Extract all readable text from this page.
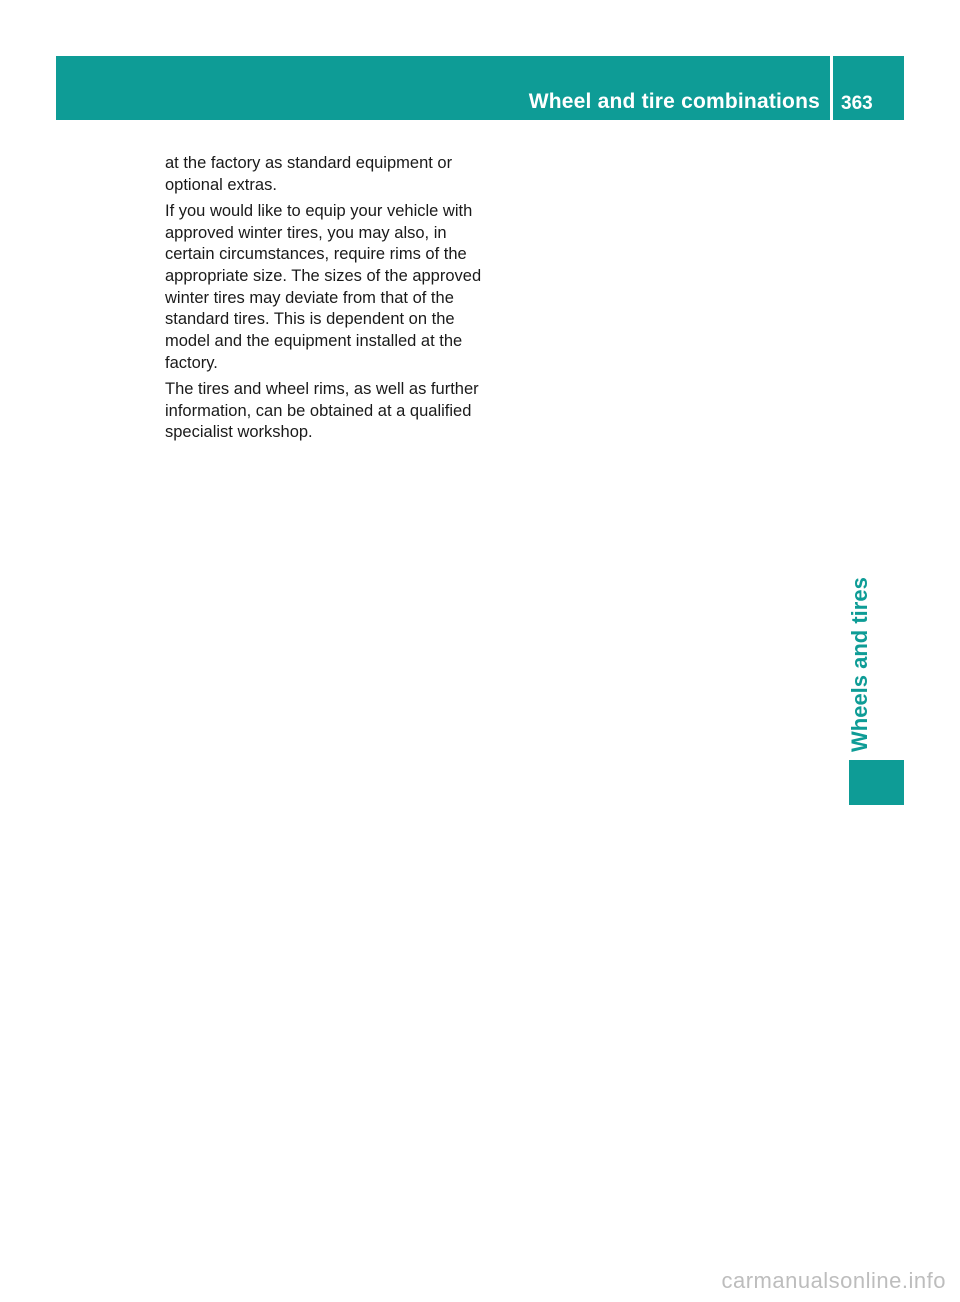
Wheel and tire combinations 363

at the factory as standard equipment or optional extras.

If you would like to equip your vehicle with approved winter tires, you may also, in certain circumstances, require rims of the appropriate size. The sizes of the approved winter tires may deviate from that of the standard tires. This is dependent on the model and the equipment installed at the factory.

The tires and wheel rims, as well as further information, can be obtained at a qualified specialist workshop.

Wheels and tires
carmanualsonline.info
